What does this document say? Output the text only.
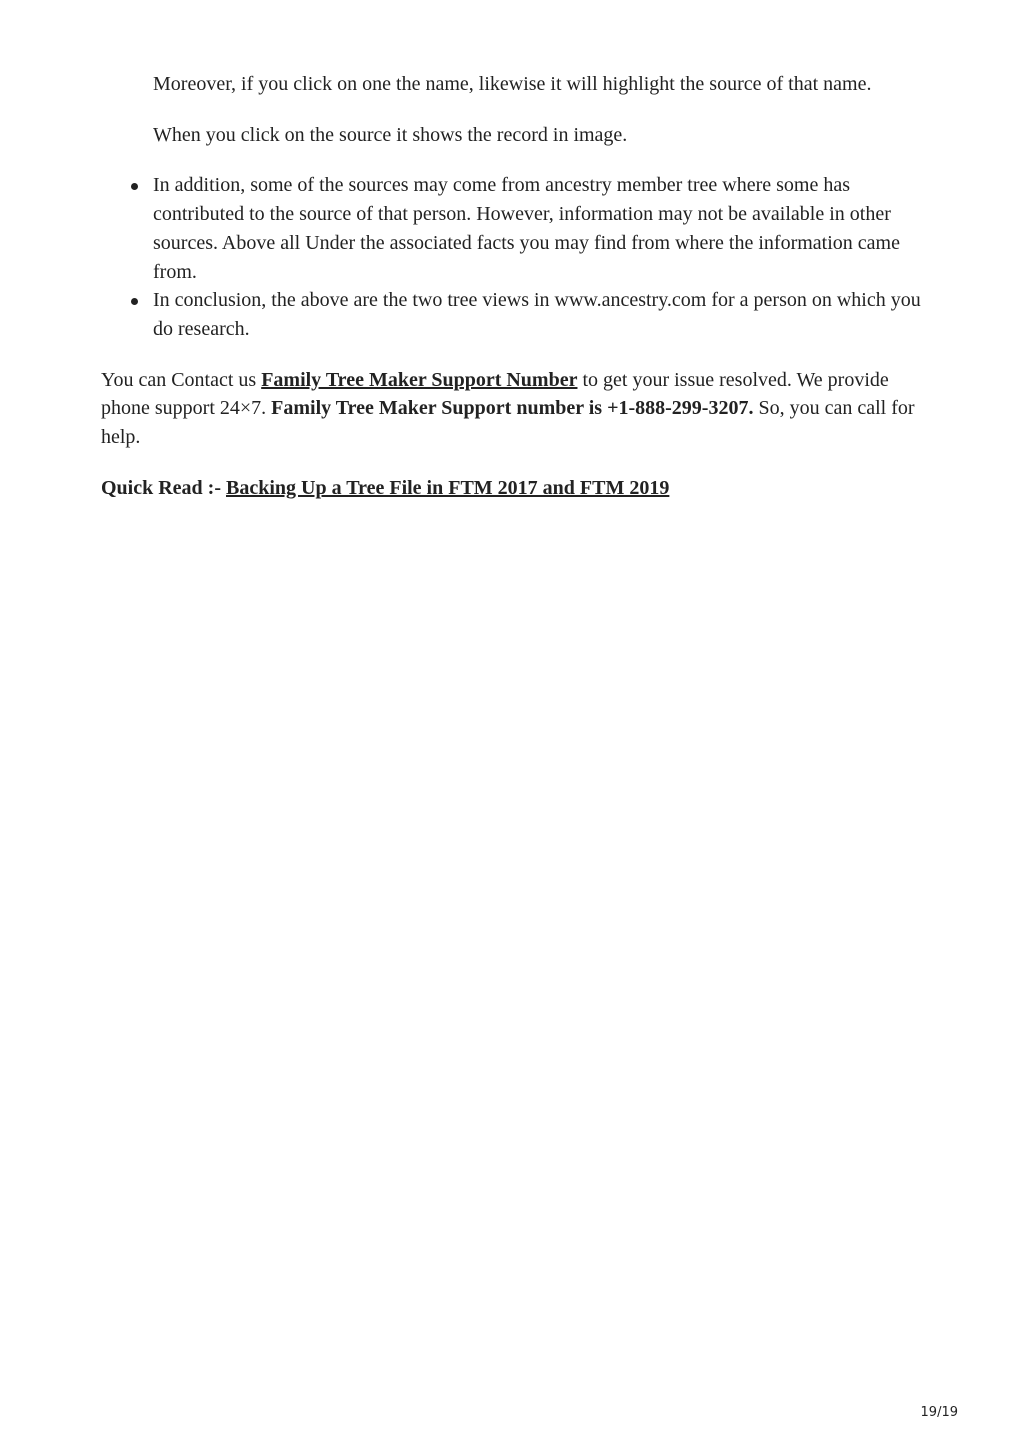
Moreover, if you click on one the name, likewise it will highlight the source of that name.

When you click on the source it shows the record in image.

In addition, some of the sources may come from ancestry member tree where some has contributed to the source of that person. However, information may not be available in other sources. Above all Under the associated facts you may find from where the information came from.
In conclusion, the above are the two tree views in www.ancestry.com for a person on which you do research.

You can Contact us Family Tree Maker Support Number to get your issue resolved. We provide phone support 24×7. Family Tree Maker Support number is +1-888-299-3207. So, you can call for help.

Quick Read :- Backing Up a Tree File in FTM 2017 and FTM 2019

19/19
